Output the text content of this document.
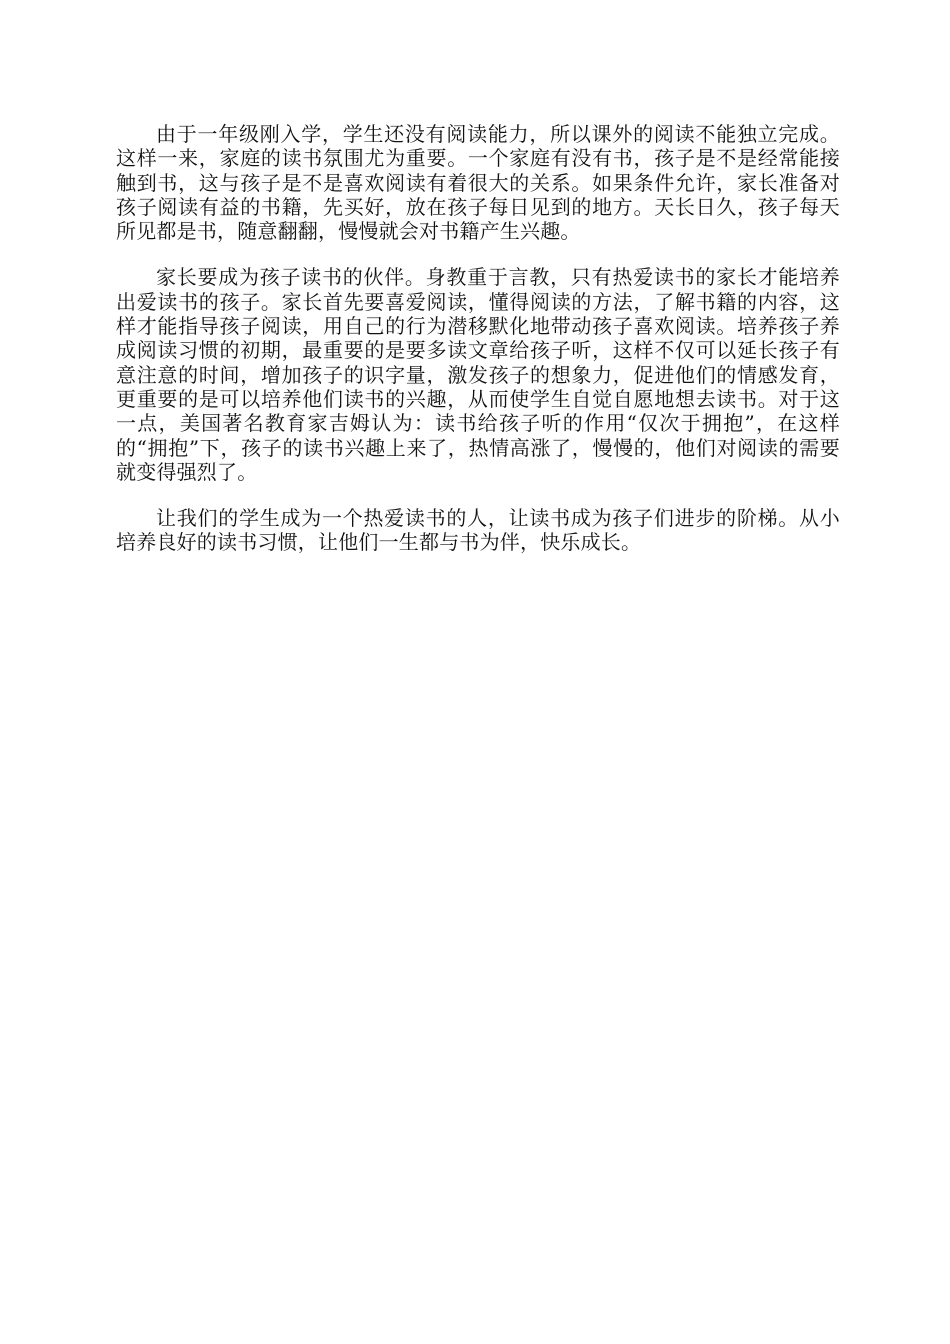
由于一年级刚入学，学生还没有阅读能力，所以课外的阅读不能独立完成。这样一来，家庭的读书氛围尤为重要。一个家庭有没有书，孩子是不是经常能接触到书，这与孩子是不是喜欢阅读有着很大的关系。如果条件允许，家长准备对孩子阅读有益的书籍，先买好，放在孩子每日见到的地方。天长日久，孩子每天所见都是书，随意翻翻，慢慢就会对书籍产生兴趣。

家长要成为孩子读书的伙伴。身教重于言教，只有热爱读书的家长才能培养出爱读书的孩子。家长首先要喜爱阅读，懂得阅读的方法，了解书籍的内容，这样才能指导孩子阅读，用自己的行为潜移默化地带动孩子喜欢阅读。培养孩子养成阅读习惯的初期，最重要的是要多读文章给孩子听，这样不仅可以延长孩子有意注意的时间，增加孩子的识字量，激发孩子的想象力，促进他们的情感发育，更重要的是可以培养他们读书的兴趣，从而使学生自觉自愿地想去读书。对于这一点，美国著名教育家吉姆认为：读书给孩子听的作用“仅次于拥抱”，在这样的“拥抱”下，孩子的读书兴趣上来了，热情高涨了，慢慢的，他们对阅读的需要就变得强烈了。

让我们的学生成为一个热爱读书的人，让读书成为孩子们进步的阶梯。从小培养良好的读书习惯，让他们一生都与书为伴，快乐成长。
